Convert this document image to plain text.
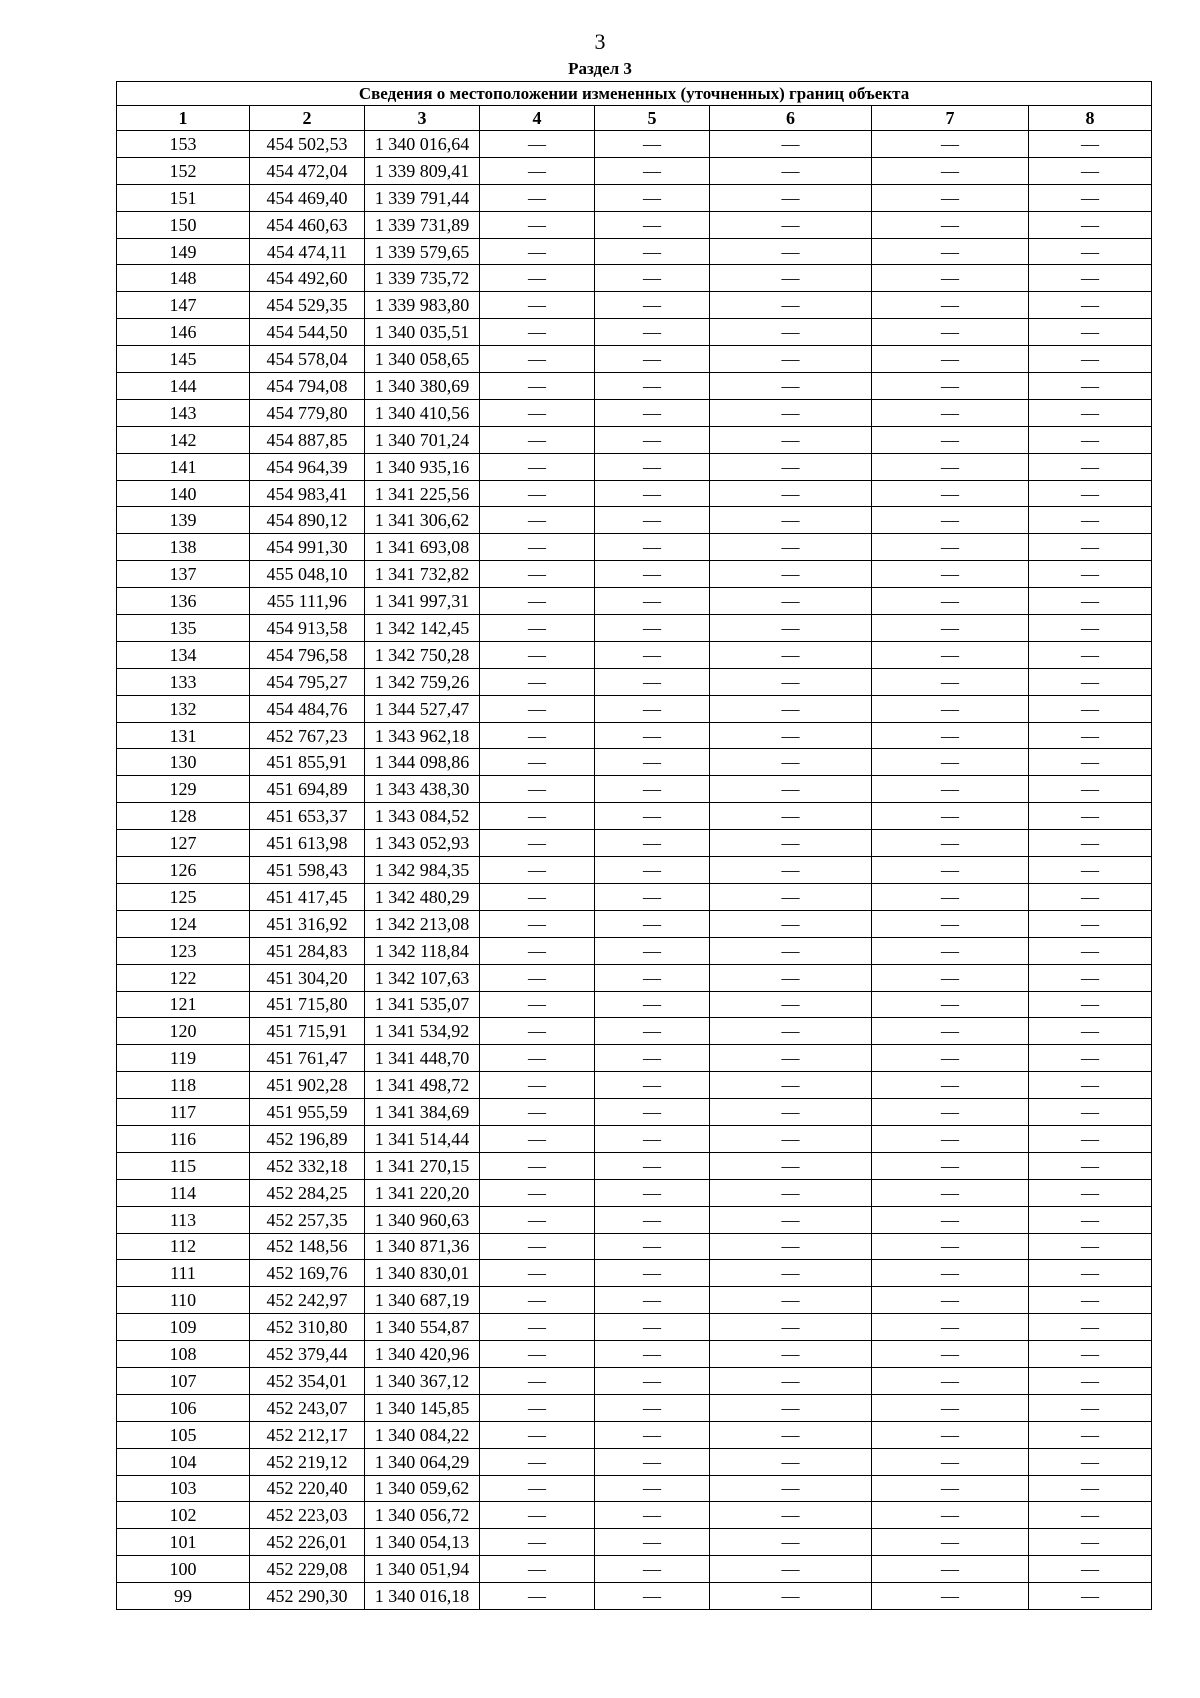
3
Раздел 3
Сведения о местоположении измененных (уточненных) границ объекта							
1	2	3	4	5	6	7	8
153	454 502,53	1 340 016,64	—	—	—	—	—
152	454 472,04	1 339 809,41	—	—	—	—	—
151	454 469,40	1 339 791,44	—	—	—	—	—
150	454 460,63	1 339 731,89	—	—	—	—	—
149	454 474,11	1 339 579,65	—	—	—	—	—
148	454 492,60	1 339 735,72	—	—	—	—	—
147	454 529,35	1 339 983,80	—	—	—	—	—
146	454 544,50	1 340 035,51	—	—	—	—	—
145	454 578,04	1 340 058,65	—	—	—	—	—
144	454 794,08	1 340 380,69	—	—	—	—	—
143	454 779,80	1 340 410,56	—	—	—	—	—
142	454 887,85	1 340 701,24	—	—	—	—	—
141	454 964,39	1 340 935,16	—	—	—	—	—
140	454 983,41	1 341 225,56	—	—	—	—	—
139	454 890,12	1 341 306,62	—	—	—	—	—
138	454 991,30	1 341 693,08	—	—	—	—	—
137	455 048,10	1 341 732,82	—	—	—	—	—
136	455 111,96	1 341 997,31	—	—	—	—	—
135	454 913,58	1 342 142,45	—	—	—	—	—
134	454 796,58	1 342 750,28	—	—	—	—	—
133	454 795,27	1 342 759,26	—	—	—	—	—
132	454 484,76	1 344 527,47	—	—	—	—	—
131	452 767,23	1 343 962,18	—	—	—	—	—
130	451 855,91	1 344 098,86	—	—	—	—	—
129	451 694,89	1 343 438,30	—	—	—	—	—
128	451 653,37	1 343 084,52	—	—	—	—	—
127	451 613,98	1 343 052,93	—	—	—	—	—
126	451 598,43	1 342 984,35	—	—	—	—	—
125	451 417,45	1 342 480,29	—	—	—	—	—
124	451 316,92	1 342 213,08	—	—	—	—	—
123	451 284,83	1 342 118,84	—	—	—	—	—
122	451 304,20	1 342 107,63	—	—	—	—	—
121	451 715,80	1 341 535,07	—	—	—	—	—
120	451 715,91	1 341 534,92	—	—	—	—	—
119	451 761,47	1 341 448,70	—	—	—	—	—
118	451 902,28	1 341 498,72	—	—	—	—	—
117	451 955,59	1 341 384,69	—	—	—	—	—
116	452 196,89	1 341 514,44	—	—	—	—	—
115	452 332,18	1 341 270,15	—	—	—	—	—
114	452 284,25	1 341 220,20	—	—	—	—	—
113	452 257,35	1 340 960,63	—	—	—	—	—
112	452 148,56	1 340 871,36	—	—	—	—	—
111	452 169,76	1 340 830,01	—	—	—	—	—
110	452 242,97	1 340 687,19	—	—	—	—	—
109	452 310,80	1 340 554,87	—	—	—	—	—
108	452 379,44	1 340 420,96	—	—	—	—	—
107	452 354,01	1 340 367,12	—	—	—	—	—
106	452 243,07	1 340 145,85	—	—	—	—	—
105	452 212,17	1 340 084,22	—	—	—	—	—
104	452 219,12	1 340 064,29	—	—	—	—	—
103	452 220,40	1 340 059,62	—	—	—	—	—
102	452 223,03	1 340 056,72	—	—	—	—	—
101	452 226,01	1 340 054,13	—	—	—	—	—
100	452 229,08	1 340 051,94	—	—	—	—	—
99	452 290,30	1 340 016,18	—	—	—	—	—
